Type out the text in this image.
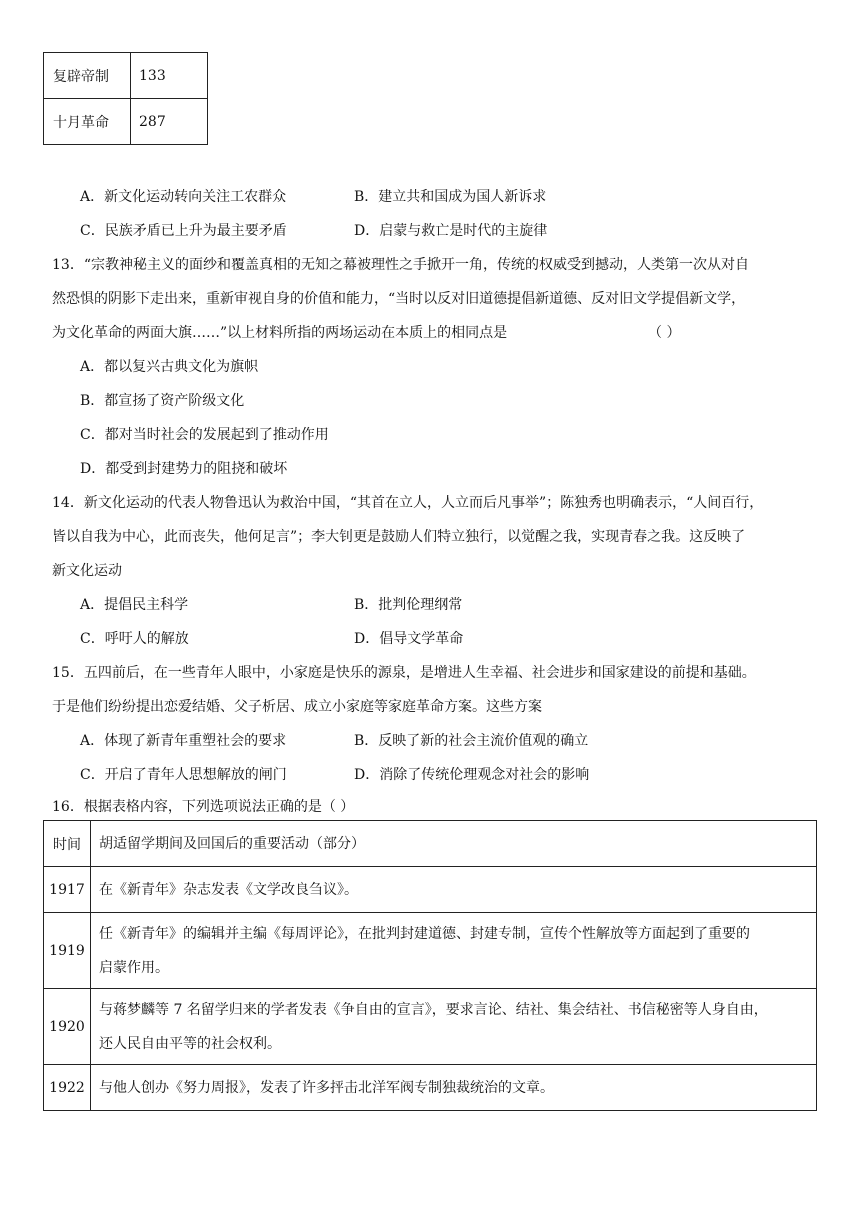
复辟帝制	133
十月革命	287
A．新文化运动转向关注工农群众	B．建立共和国成为国人新诉求
C．民族矛盾已上升为最主要矛盾	D．启蒙与救亡是时代的主旋律
13．“宗教神秘主义的面纱和覆盖真相的无知之幕被理性之手掀开一角，传统的权威受到撼动，人类第一次从对自
然恐惧的阴影下走出来，重新审视自身的价值和能力，“当时以反对旧道德提倡新道德、反对旧文学提倡新文学，
为文化革命的两面大旗……”以上材料所指的两场运动在本质上的相同点是	（ ）
A．都以复兴古典文化为旗帜
B．都宣扬了资产阶级文化
C．都对当时社会的发展起到了推动作用
D．都受到封建势力的阻挠和破坏
14．新文化运动的代表人物鲁迅认为救治中国，“其首在立人，人立而后凡事举”；陈独秀也明确表示，“人间百行，
皆以自我为中心，此而丧失，他何足言”；李大钊更是鼓励人们特立独行，以觉醒之我，实现青春之我。这反映了
新文化运动
A．提倡民主科学	B．批判伦理纲常
C．呼吁人的解放	D．倡导文学革命
15．五四前后，在一些青年人眼中，小家庭是快乐的源泉，是增进人生幸福、社会进步和国家建设的前提和基础。
于是他们纷纷提出恋爱结婚、父子析居、成立小家庭等家庭革命方案。这些方案
A．体现了新青年重塑社会的要求	B．反映了新的社会主流价值观的确立
C．开启了青年人思想解放的闸门	D．消除了传统伦理观念对社会的影响
16．根据表格内容，下列选项说法正确的是（ ）
时间	胡适留学期间及回国后的重要活动（部分）
1917	在《新青年》杂志发表《文学改良刍议》。

1919	任《新青年》的编辑并主编《每周评论》，在批判封建道德、封建专制，宣传个性解放等方面起到了重要的
启蒙作用。

1920	与蒋梦麟等 7 名留学归来的学者发表《争自由的宣言》，要求言论、结社、集会结社、书信秘密等人身自由，
还人民自由平等的社会权利。

1922	与他人创办《努力周报》，发表了许多抨击北洋军阀专制独裁统治的文章。
